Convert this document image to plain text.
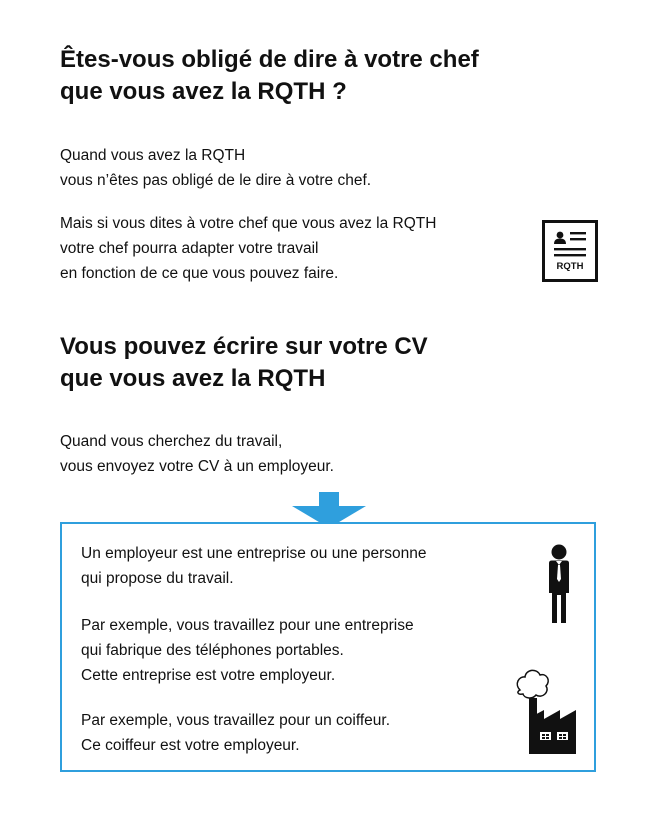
Êtes-vous obligé de dire à votre chef
que vous avez la RQTH ?

Quand vous avez la RQTH
vous n’êtes pas obligé de le dire à votre chef.

Mais si vous dites à votre chef que vous avez la RQTH
votre chef pourra adapter votre travail
en fonction de ce que vous pouvez faire.	RQTH
Vous pouvez écrire sur votre CV
que vous avez la RQTH

Quand vous cherchez du travail,
vous envoyez votre CV à un employeur.

Un employeur est une entreprise ou une personne
qui propose du travail.

Par exemple, vous travaillez pour une entreprise
qui fabrique des téléphones portables.
Cette entreprise est votre employeur.

Par exemple, vous travaillez pour un coiffeur.
Ce coiffeur est votre employeur.
